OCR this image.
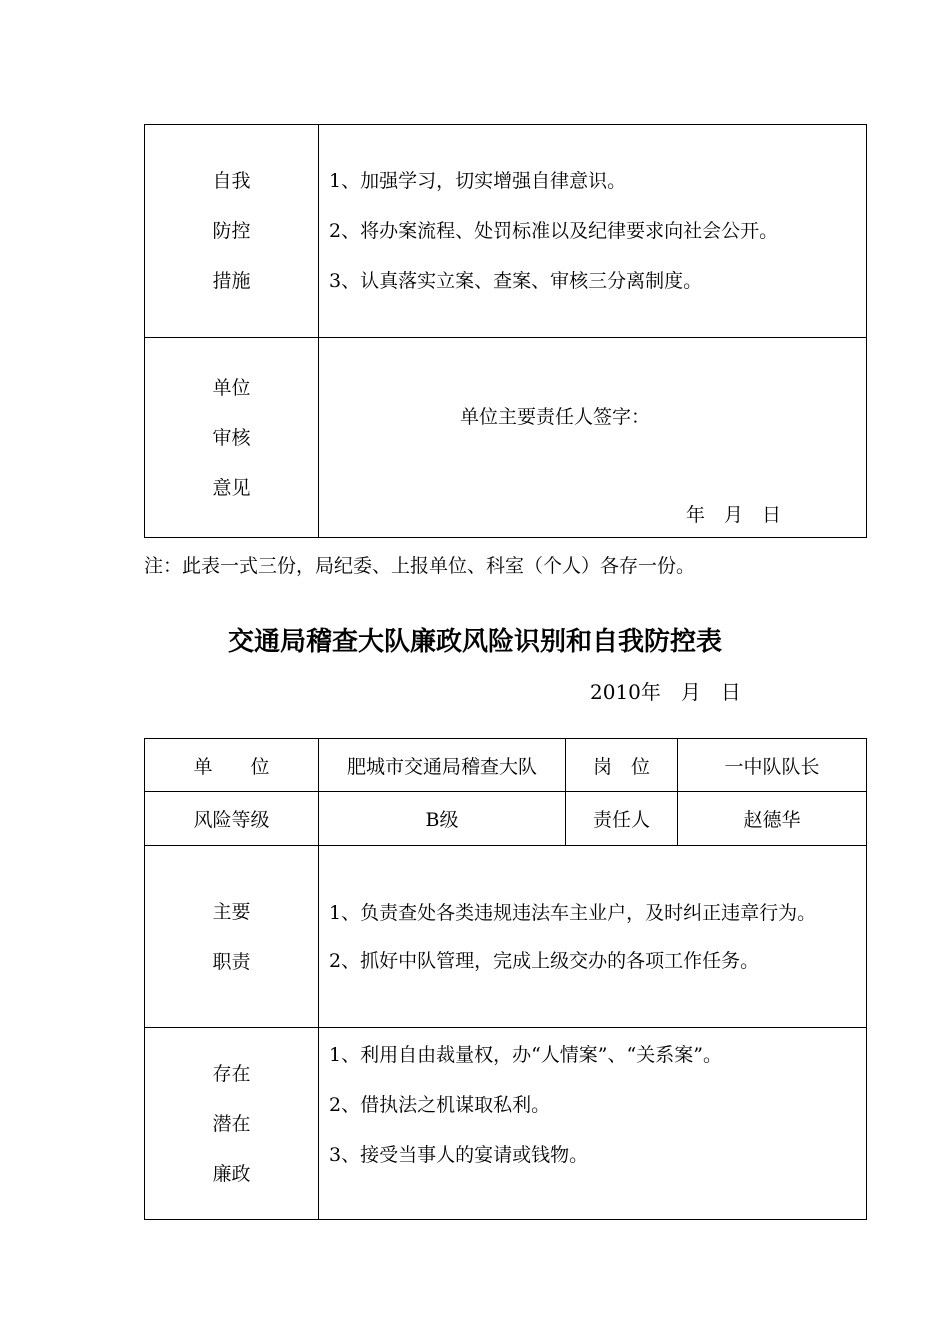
自我
防控
措施	1、加强学习，切实增强自律意识。
2、将办案流程、处罚标准以及纪律要求向社会公开。
3、认真落实立案、查案、审核三分离制度。

单位
审核
意见	

单位主要责任人签字：
年　月　日
注：此表一式三份，局纪委、上报单位、科室（个人）各存一份。
交通局稽查大队廉政风险识别和自我防控表
2010年　月　日
单　　位	肥城市交通局稽查大队	岗　位	一中队队长
风险等级	B级	责任人	赵德华

主要
职责	1、负责查处各类违规违法车主业户，及时纠正违章行为。
2、抓好中队管理，完成上级交办的各项工作任务。		

存在
潜在
廉政	1、利用自由裁量权，办“人情案”、“关系案”。
2、借执法之机谋取私利。
3、接受当事人的宴请或钱物。		
